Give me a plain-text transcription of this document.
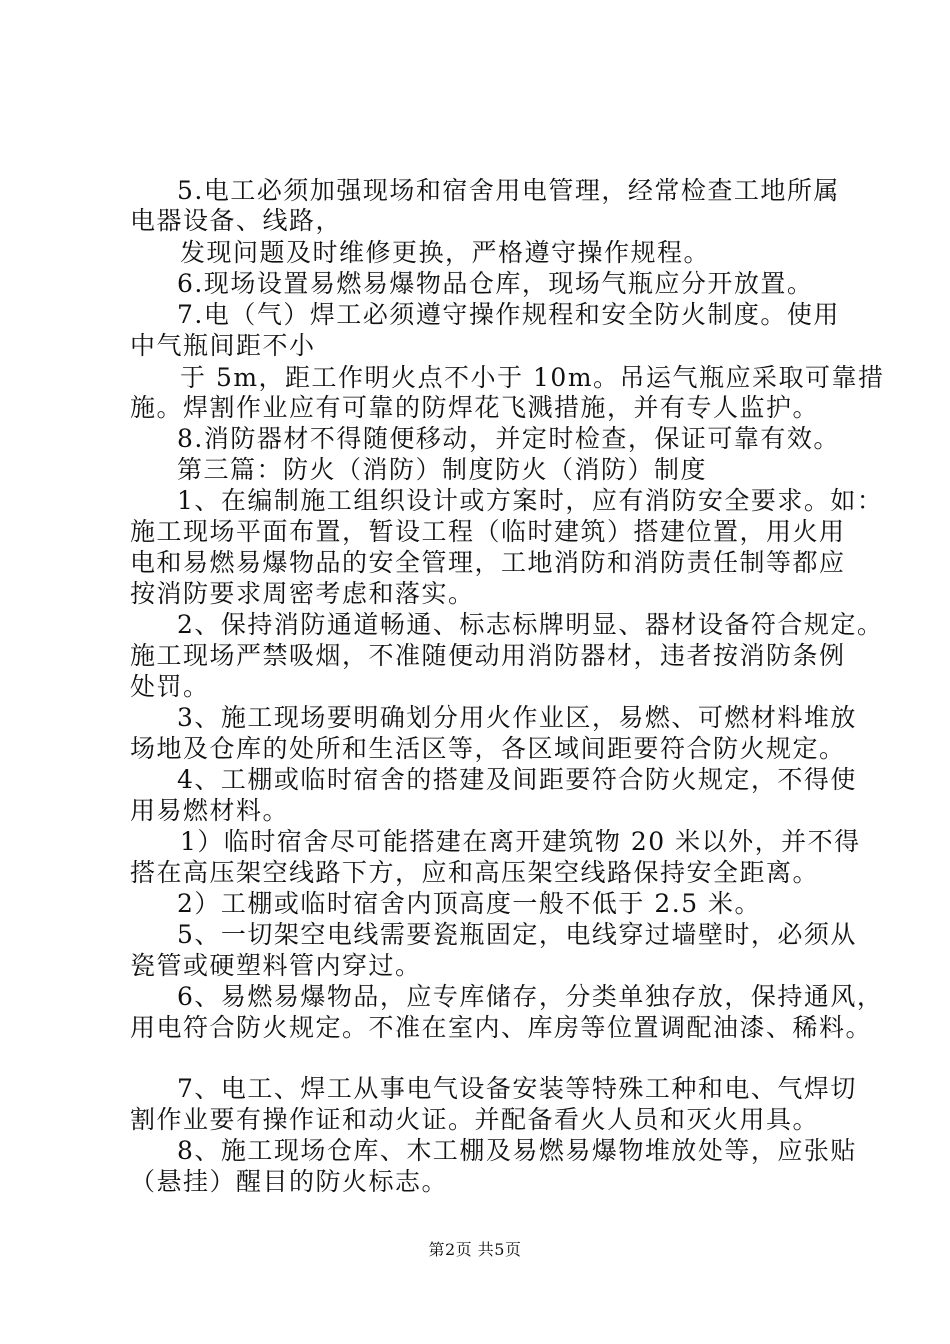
5.电工必须加强现场和宿舍用电管理，经常检查工地所属
电器设备、线路，
发现问题及时维修更换，严格遵守操作规程。
6.现场设置易燃易爆物品仓库，现场气瓶应分开放置。
7.电（气）焊工必须遵守操作规程和安全防火制度。使用
中气瓶间距不小
于 5m，距工作明火点不小于 10m。吊运气瓶应采取可靠措
施。焊割作业应有可靠的防焊花飞溅措施，并有专人监护。
8.消防器材不得随便移动，并定时检查，保证可靠有效。
第三篇：防火（消防）制度防火（消防）制度
1、在编制施工组织设计或方案时，应有消防安全要求。如：
施工现场平面布置，暂设工程（临时建筑）搭建位置，用火用
电和易燃易爆物品的安全管理，工地消防和消防责任制等都应
按消防要求周密考虑和落实。
2、保持消防通道畅通、标志标牌明显、器材设备符合规定。
施工现场严禁吸烟，不准随便动用消防器材，违者按消防条例
处罚。
3、施工现场要明确划分用火作业区，易燃、可燃材料堆放
场地及仓库的处所和生活区等，各区域间距要符合防火规定。
4、工棚或临时宿舍的搭建及间距要符合防火规定，不得使
用易燃材料。
1）临时宿舍尽可能搭建在离开建筑物 20 米以外，并不得
搭在高压架空线路下方，应和高压架空线路保持安全距离。
2）工棚或临时宿舍内顶高度一般不低于 2.5 米。
5、一切架空电线需要瓷瓶固定，电线穿过墙壁时，必须从
瓷管或硬塑料管内穿过。
6、易燃易爆物品，应专库储存，分类单独存放，保持通风，
用电符合防火规定。不准在室内、库房等位置调配油漆、稀料。
7、电工、焊工从事电气设备安装等特殊工种和电、气焊切
割作业要有操作证和动火证。并配备看火人员和灭火用具。
8、施工现场仓库、木工棚及易燃易爆物堆放处等，应张贴
（悬挂）醒目的防火标志。
第2页 共5页
